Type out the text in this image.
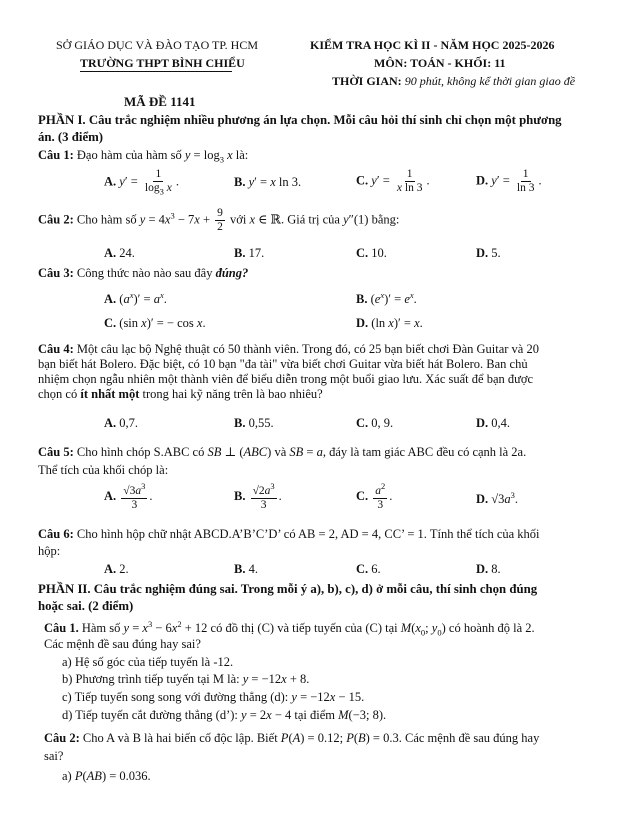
SỞ GIÁO DỤC VÀ ĐÀO TẠO TP. HCM
TRƯỜNG THPT BÌNH CHIỂU
KIỂM TRA HỌC KÌ II - NĂM HỌC 2025-2026
MÔN: TOÁN - KHỐI: 11
THỜI GIAN: 90 phút, không kể thời gian giao đề
MÃ ĐỀ 1141
PHẦN I. Câu trắc nghiệm nhiều phương án lựa chọn. Mỗi câu hỏi thí sinh chỉ chọn một phương
án. (3 điểm)
Câu 1: Đạo hàm của hàm số $y = \log_3 x$ là:
A. $y' = \frac{1}{\log_3 x}$ .	B. y′ = x ln 3.	C. $y' = \frac{1}{\text{x ln 3}}$ .	D. $y' = \frac{1}{\ln 3}$ .
Câu 2: Cho hàm số $y = 4x^3 - 7x + \frac{9}{2}$ với x ∈ ℝ. Giá trị của y″(1) bằng:
A. 24.	B. 17.	C. 10.	D. 5.
Câu 3: Công thức nào nào sau đây đúng?
A. $(a^x)' = a^x$.	B. $(e^x)' = e^x$.
C. (sin x)′ = − cos x.	D. (ln x)′ = x.
Câu 4: Một câu lạc bộ Nghệ thuật có 50 thành viên. Trong đó, có 25 bạn biết chơi Đàn Guitar và 20
bạn biết hát Bolero. Đặc biệt, có 10 bạn "đa tài" vừa biết chơi Guitar vừa biết hát Bolero. Ban chủ
nhiệm chọn ngẫu nhiên một thành viên để biểu diễn trong một buổi giao lưu. Xác suất để bạn được
chọn có ít nhất một trong hai kỹ năng trên là bao nhiêu?
A. 0,7.	B. 0,55.	C. 0, 9.	D. 0,4.
Câu 5: Cho hình chóp S.ABC có SB ⊥ (ABC) và SB = a, đáy là tam giác ABC đều có cạnh là 2a.
Thể tích của khối chóp là:
A. $\frac{√3a^3}{3}$ .	B. $\frac{√2a^3}{3}$ .	C. $\frac{a^2}{3}$ .	D. $√3a^3$.
Câu 6: Cho hình hộp chữ nhật ABCD.A’B’C’D’ có AB = 2, AD = 4, CC’ = 1. Tính thể tích của khối
hộp:
A. 2.	B. 4.	C. 6.	D. 8.
PHẦN II. Câu trắc nghiệm đúng sai. Trong mỗi ý a), b), c), d) ở mỗi câu, thí sinh chọn đúng
hoặc sai. (2 điểm)
Câu 1. Hàm số $y = x^3 - 6x^2 + 12$ có đồ thị (C) và tiếp tuyến của (C) tại $M(x_0$; $y_0$) có hoành độ là 2.
Các mệnh đề sau đúng hay sai?
a) Hệ số góc của tiếp tuyến là -12.
b) Phương trình tiếp tuyến tại M là: y = −12x + 8.
c) Tiếp tuyến song song với đường thẳng (d): y = −12x − 15.
d) Tiếp tuyến cắt đường thẳng (d’): y = 2x − 4 tại điểm M(−3; 8).
Câu 2: Cho A và B là hai biến cố độc lập. Biết P(A) = 0.12; P(B) = 0.3. Các mệnh đề sau đúng hay
sai?
a) P(AB) = 0.036.
